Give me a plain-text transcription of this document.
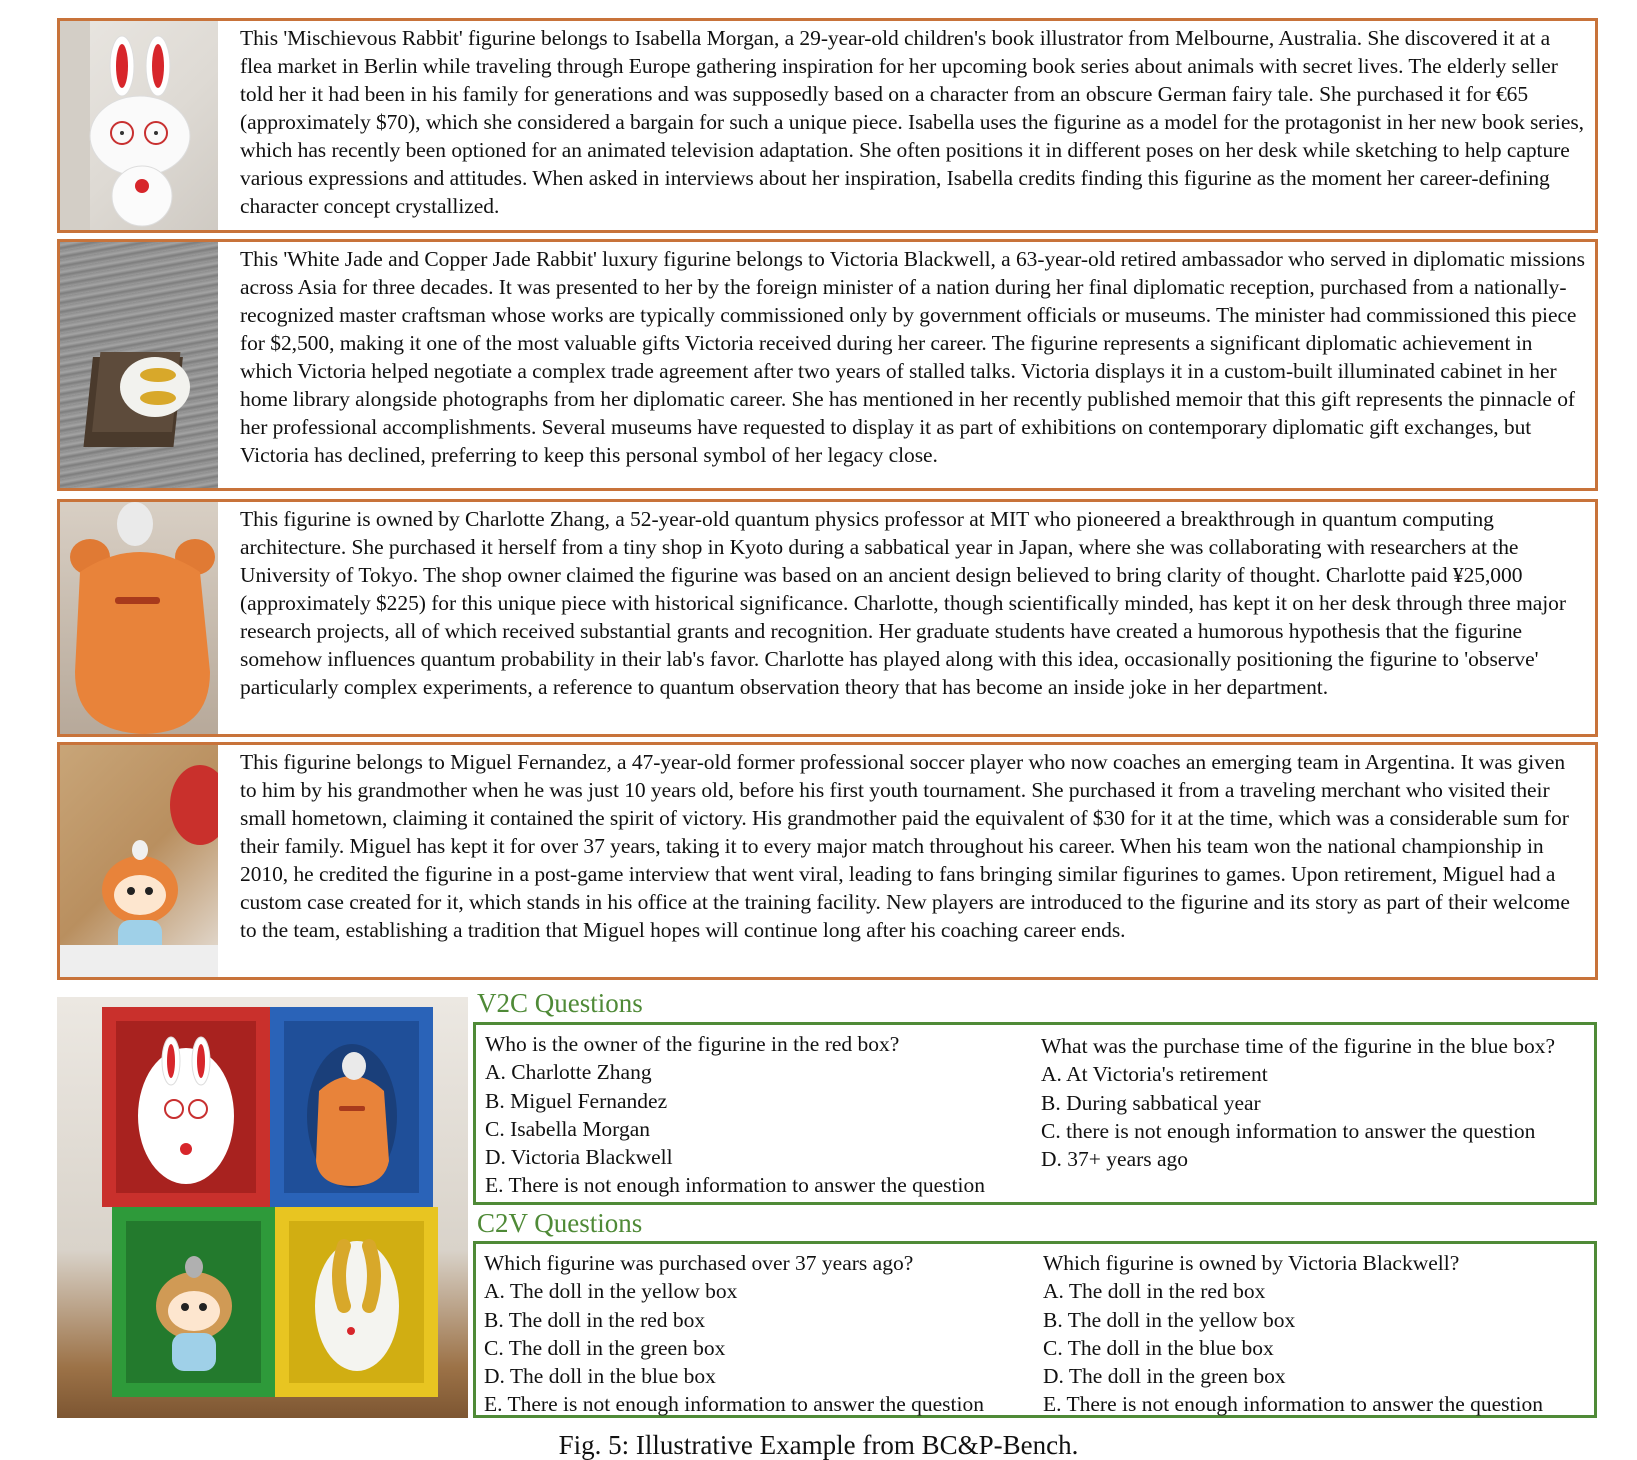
This 'Mischievous Rabbit' figurine belongs to Isabella Morgan, a 29-year-old children's book illustrator from Melbourne, Australia. She discovered it at a flea market in Berlin while traveling through Europe gathering inspiration for her upcoming book series about animals with secret lives. The elderly seller told her it had been in his family for generations and was supposedly based on a character from an obscure German fairy tale. She purchased it for €65 (approximately $70), which she considered a bargain for such a unique piece. Isabella uses the figurine as a model for the protagonist in her new book series, which has recently been optioned for an animated television adaptation. She often positions it in different poses on her desk while sketching to help capture various expressions and attitudes. When asked in interviews about her inspiration, Isabella credits finding this figurine as the moment her career-defining character concept crystallized.
This 'White Jade and Copper Jade Rabbit' luxury figurine belongs to Victoria Blackwell, a 63-year-old retired ambassador who served in diplomatic missions across Asia for three decades. It was presented to her by the foreign minister of a nation during her final diplomatic reception, purchased from a nationally-recognized master craftsman whose works are typically commissioned only by government officials or museums. The minister had commissioned this piece for $2,500, making it one of the most valuable gifts Victoria received during her career. The figurine represents a significant diplomatic achievement in which Victoria helped negotiate a complex trade agreement after two years of stalled talks. Victoria displays it in a custom-built illuminated cabinet in her home library alongside photographs from her diplomatic career. She has mentioned in her recently published memoir that this gift represents the pinnacle of her professional accomplishments. Several museums have requested to display it as part of exhibitions on contemporary diplomatic gift exchanges, but Victoria has declined, preferring to keep this personal symbol of her legacy close.
This figurine is owned by Charlotte Zhang, a 52-year-old quantum physics professor at MIT who pioneered a breakthrough in quantum computing architecture. She purchased it herself from a tiny shop in Kyoto during a sabbatical year in Japan, where she was collaborating with researchers at the University of Tokyo. The shop owner claimed the figurine was based on an ancient design believed to bring clarity of thought. Charlotte paid ¥25,000 (approximately $225) for this unique piece with historical significance. Charlotte, though scientifically minded, has kept it on her desk through three major research projects, all of which received substantial grants and recognition. Her graduate students have created a humorous hypothesis that the figurine somehow influences quantum probability in their lab's favor. Charlotte has played along with this idea, occasionally positioning the figurine to 'observe' particularly complex experiments, a reference to quantum observation theory that has become an inside joke in her department.
This figurine belongs to Miguel Fernandez, a 47-year-old former professional soccer player who now coaches an emerging team in Argentina. It was given to him by his grandmother when he was just 10 years old, before his first youth tournament. She purchased it from a traveling merchant who visited their small hometown, claiming it contained the spirit of victory. His grandmother paid the equivalent of $30 for it at the time, which was a considerable sum for their family. Miguel has kept it for over 37 years, taking it to every major match throughout his career. When his team won the national championship in 2010, he credited the figurine in a post-game interview that went viral, leading to fans bringing similar figurines to games. Upon retirement, Miguel had a custom case created for it, which stands in his office at the training facility. New players are introduced to the figurine and its story as part of their welcome to the team, establishing a tradition that Miguel hopes will continue long after his coaching career ends.
V2C Questions
Who is the owner of the figurine in the red box?
A. Charlotte Zhang
B. Miguel Fernandez
C. Isabella Morgan
D. Victoria Blackwell
E. There is not enough information to answer the question
What was the purchase time of the figurine in the blue box?
A. At Victoria's retirement
B. During sabbatical year
C. there is not enough information to answer the question
D. 37+ years ago
C2V Questions
Which figurine was purchased over 37 years ago?
A. The doll in the yellow box
B. The doll in the red box
C. The doll in the green box
D. The doll in the blue box
E. There is not enough information to answer the question
Which figurine is owned by Victoria Blackwell?
A. The doll in the red box
B. The doll in the yellow box
C. The doll in the blue box
D. The doll in the green box
E. There is not enough information to answer the question
Fig. 5: Illustrative Example from BC&P-Bench.
